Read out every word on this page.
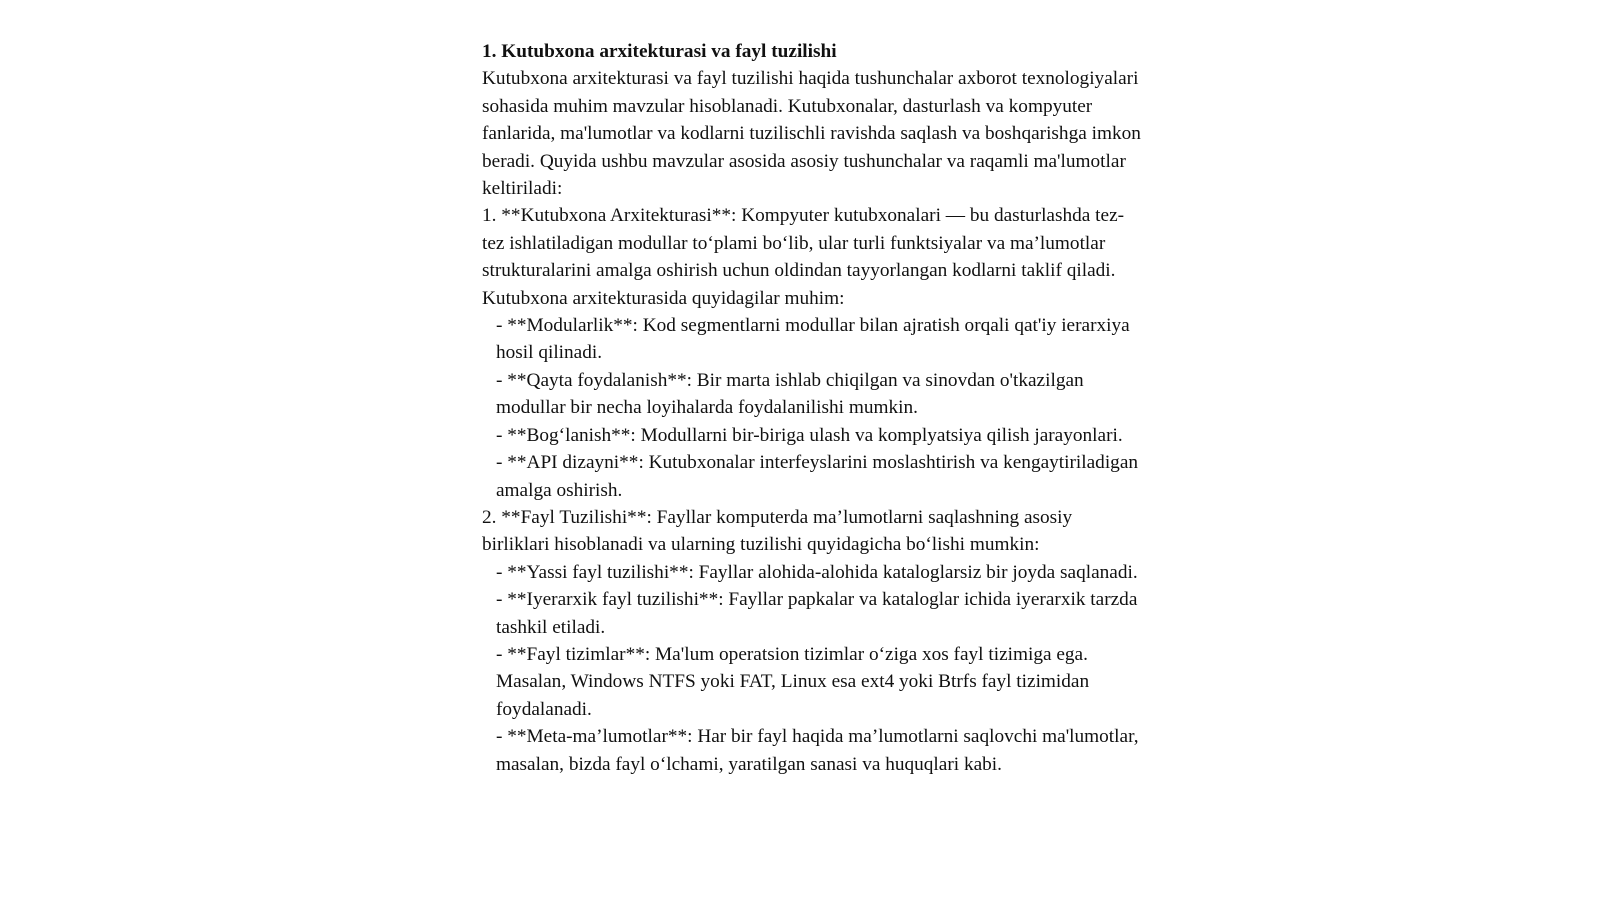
1. Kutubxona arxitekturasi va fayl tuzilishi

Kutubxona arxitekturasi va fayl tuzilishi haqida tushunchalar axborot texnologiyalari sohasida muhim mavzular hisoblanadi. Kutubxonalar, dasturlash va kompyuter fanlarida, ma'lumotlar va kodlarni tuzilischli ravishda saqlash va boshqarishga imkon beradi. Quyida ushbu mavzular asosida asosiy tushunchalar va raqamli ma'lumotlar keltiriladi:

1. **Kutubxona Arxitekturasi**: Kompyuter kutubxonalari — bu dasturlashda tez-tez ishlatiladigan modullar to‘plami bo‘lib, ular turli funktsiyalar va ma’lumotlar strukturalarini amalga oshirish uchun oldindan tayyorlangan kodlarni taklif qiladi. Kutubxona arxitekturasida quyidagilar muhim:

- **Modularlik**: Kod segmentlarni modullar bilan ajratish orqali qat'iy ierarxiya hosil qilinadi.

- **Qayta foydalanish**: Bir marta ishlab chiqilgan va sinovdan o'tkazilgan modullar bir necha loyihalarda foydalanilishi mumkin.

- **Bog‘lanish**: Modullarni bir-biriga ulash va komplyatsiya qilish jarayonlari.

- **API dizayni**: Kutubxonalar interfeyslarini moslashtirish va kengaytiriladigan amalga oshirish.

2. **Fayl Tuzilishi**: Fayllar komputerda ma’lumotlarni saqlashning asosiy birliklari hisoblanadi va ularning tuzilishi quyidagicha bo‘lishi mumkin:

- **Yassi fayl tuzilishi**: Fayllar alohida-alohida kataloglarsiz bir joyda saqlanadi.

- **Iyerarxik fayl tuzilishi**: Fayllar papkalar va kataloglar ichida iyerarxik tarzda tashkil etiladi.

- **Fayl tizimlar**: Ma'lum operatsion tizimlar o‘ziga xos fayl tizimiga ega. Masalan, Windows NTFS yoki FAT, Linux esa ext4 yoki Btrfs fayl tizimidan foydalanadi.

- **Meta-ma’lumotlar**: Har bir fayl haqida ma’lumotlarni saqlovchi ma'lumotlar, masalan, bizda fayl o‘lchami, yaratilgan sanasi va huquqlari kabi.
